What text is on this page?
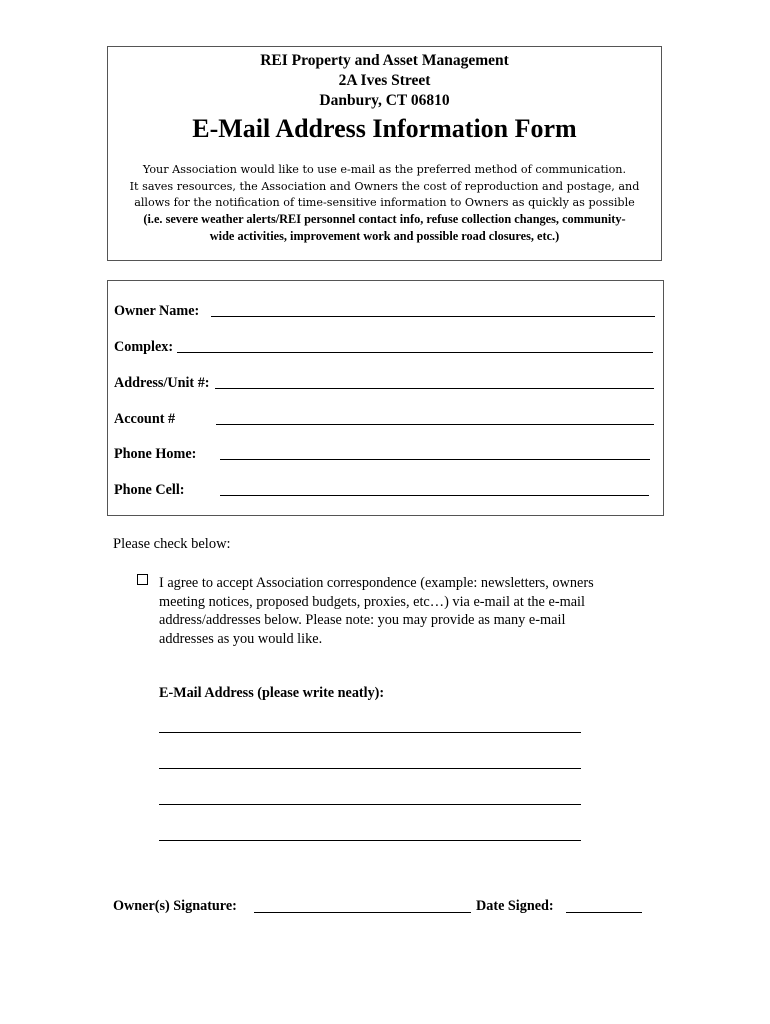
REI Property and Asset Management
2A Ives Street
Danbury, CT 06810
E-Mail Address Information Form
Your Association would like to use e-mail as the preferred method of communication.
It saves resources, the Association and Owners the cost of reproduction and postage, and
allows for the notification of time-sensitive information to Owners as quickly as possible
(i.e. severe weather alerts/REI personnel contact info, refuse collection changes, community-
wide activities, improvement work and possible road closures, etc.)
Owner Name:
Complex:
Address/Unit #:
Account #
Phone Home:
Phone Cell:
Please check below:
I agree to accept Association correspondence (example: newsletters, owners
meeting notices, proposed budgets, proxies, etc…) via e-mail at the e-mail
address/addresses below. Please note: you may provide as many e-mail
addresses as you would like.
E-Mail Address (please write neatly):
Owner(s) Signature:	Date Signed:
